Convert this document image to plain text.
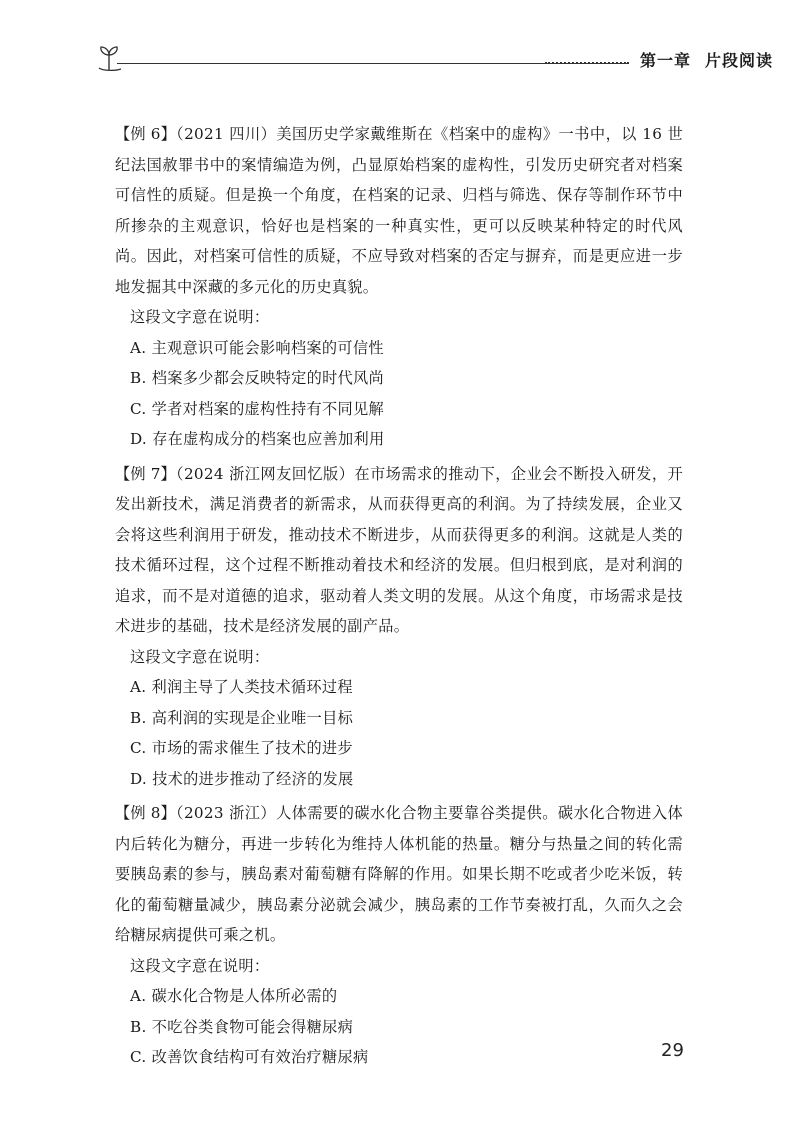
第一章 片段阅读

【例 6】（2021 四川）美国历史学家戴维斯在《档案中的虚构》一书中，以 16 世纪法国赦罪书中的案情编造为例，凸显原始档案的虚构性，引发历史研究者对档案可信性的质疑。但是换一个角度，在档案的记录、归档与筛选、保存等制作环节中所掺杂的主观意识，恰好也是档案的一种真实性，更可以反映某种特定的时代风尚。因此，对档案可信性的质疑，不应导致对档案的否定与摒弃，而是更应进一步地发掘其中深藏的多元化的历史真貌。

这段文字意在说明：

A. 主观意识可能会影响档案的可信性

B. 档案多少都会反映特定的时代风尚

C. 学者对档案的虚构性持有不同见解

D. 存在虚构成分的档案也应善加利用

【例 7】（2024 浙江网友回忆版）在市场需求的推动下，企业会不断投入研发，开发出新技术，满足消费者的新需求，从而获得更高的利润。为了持续发展，企业又会将这些利润用于研发，推动技术不断进步，从而获得更多的利润。这就是人类的技术循环过程，这个过程不断推动着技术和经济的发展。但归根到底，是对利润的追求，而不是对道德的追求，驱动着人类文明的发展。从这个角度，市场需求是技术进步的基础，技术是经济发展的副产品。

这段文字意在说明：

A. 利润主导了人类技术循环过程

B. 高利润的实现是企业唯一目标

C. 市场的需求催生了技术的进步

D. 技术的进步推动了经济的发展

【例 8】（2023 浙江）人体需要的碳水化合物主要靠谷类提供。碳水化合物进入体内后转化为糖分，再进一步转化为维持人体机能的热量。糖分与热量之间的转化需要胰岛素的参与，胰岛素对葡萄糖有降解的作用。如果长期不吃或者少吃米饭，转化的葡萄糖量减少，胰岛素分泌就会减少，胰岛素的工作节奏被打乱，久而久之会给糖尿病提供可乘之机。

这段文字意在说明：

A. 碳水化合物是人体所必需的

B. 不吃谷类食物可能会得糖尿病

C. 改善饮食结构可有效治疗糖尿病	29
